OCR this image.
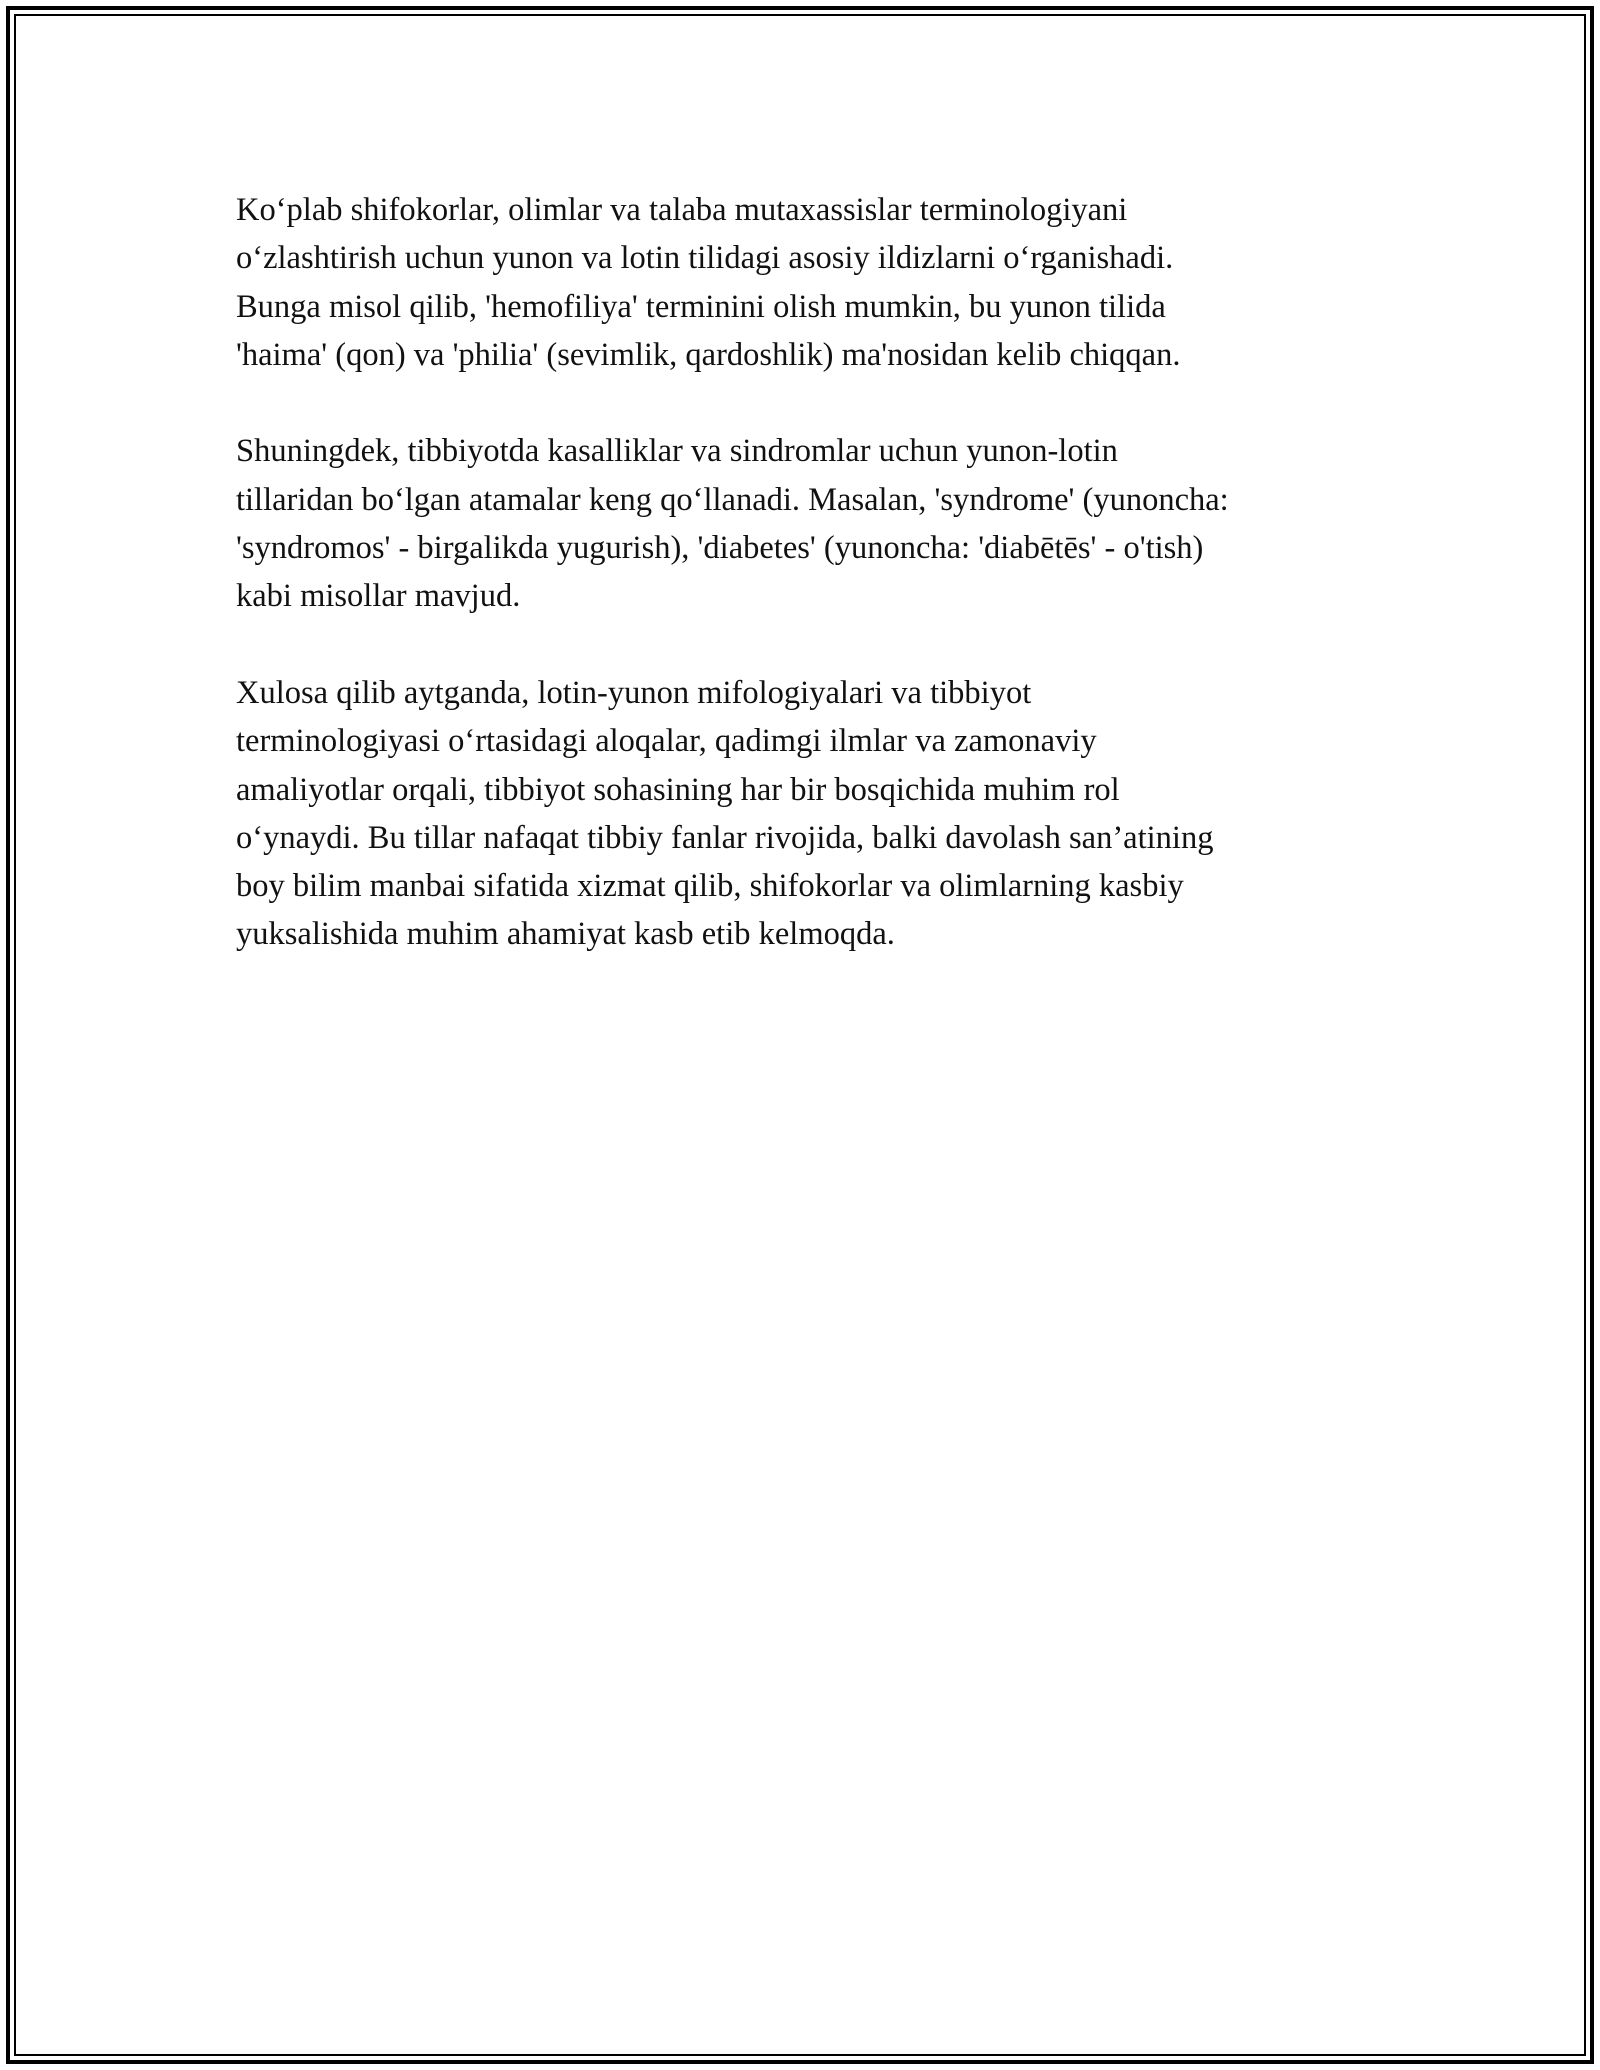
Koʻplab shifokorlar, olimlar va talaba mutaxassislar terminologiyani
oʻzlashtirish uchun yunon va lotin tilidagi asosiy ildizlarni oʻrganishadi.
Bunga misol qilib, 'hemofiliya' terminini olish mumkin, bu yunon tilida
'haima' (qon) va 'philia' (sevimlik, qardoshlik) ma'nosidan kelib chiqqan.

Shuningdek, tibbiyotda kasalliklar va sindromlar uchun yunon-lotin
tillaridan boʻlgan atamalar keng qoʻllanadi. Masalan, 'syndrome' (yunoncha:
'syndromos' - birgalikda yugurish), 'diabetes' (yunoncha: 'diabētēs' - o'tish)
kabi misollar mavjud.

Xulosa qilib aytganda, lotin-yunon mifologiyalari va tibbiyot
terminologiyasi oʻrtasidagi aloqalar, qadimgi ilmlar va zamonaviy
amaliyotlar orqali, tibbiyot sohasining har bir bosqichida muhim rol
oʻynaydi. Bu tillar nafaqat tibbiy fanlar rivojida, balki davolash san’atining
boy bilim manbai sifatida xizmat qilib, shifokorlar va olimlarning kasbiy
yuksalishida muhim ahamiyat kasb etib kelmoqda.
